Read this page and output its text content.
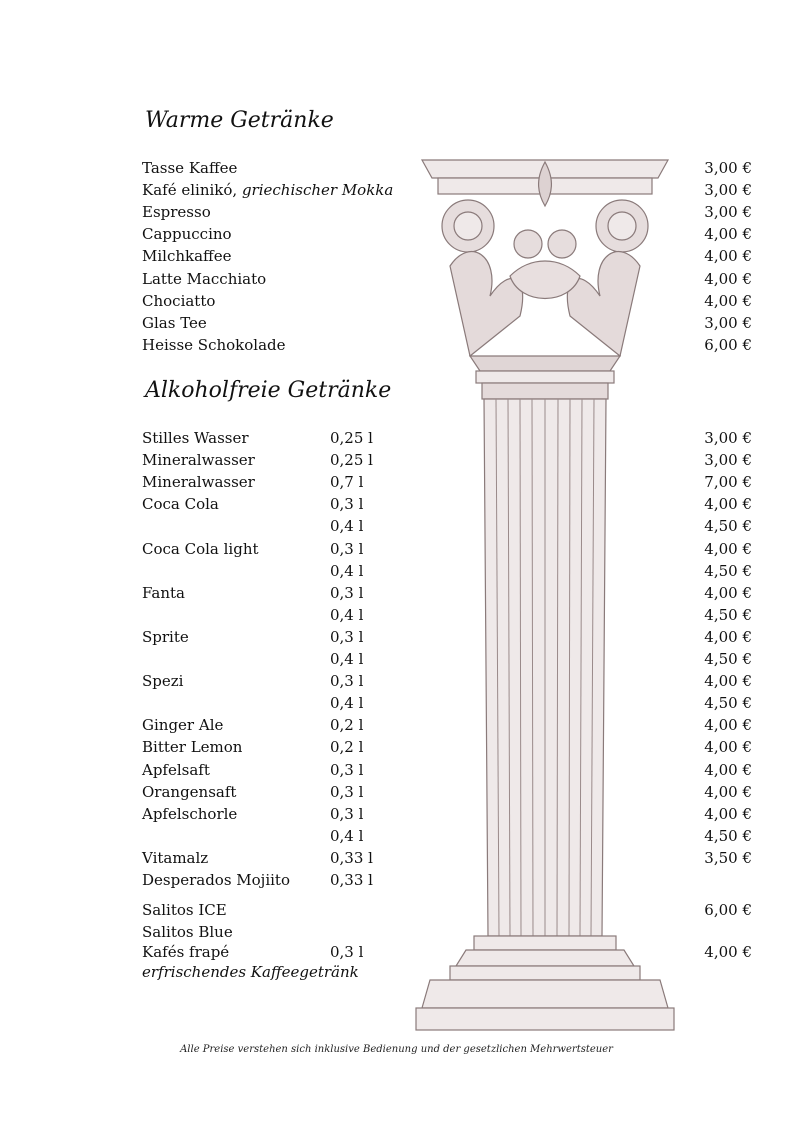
Warme Getränke
Tasse Kaffee	3,00 €
Kafé elinikó, griechischer Mokka	3,00 €
Espresso	3,00 €
Cappuccino	4,00 €
Milchkaffee	4,00 €
Latte Macchiato	4,00 €
Chociatto	4,00 €
Glas Tee	3,00 €
Heisse Schokolade	6,00 €
Alkoholfreie Getränke
Stilles Wasser	0,25 l	3,00 €
Mineralwasser	0,25 l	3,00 €
Mineralwasser	0,7 l	7,00 €
Coca Cola	0,3 l	4,00 €
0,4 l	4,50 €
Coca Cola light	0,3 l	4,00 €
0,4 l	4,50 €
Fanta	0,3 l	4,00 €
0,4 l	4,50 €
Sprite	0,3 l	4,00 €
0,4 l	4,50 €
Spezi	0,3 l	4,00 €
0,4 l	4,50 €
Ginger Ale	0,2 l	4,00 €
Bitter Lemon	0,2 l	4,00 €
Apfelsaft	0,3 l	4,00 €
Orangensaft	0,3 l	4,00 €
Apfelschorle	0,3 l	4,00 €
0,4 l	4,50 €
Vitamalz	0,33 l	3,50 €
Desperados Mojiito	0,33 l
Salitos ICE	6,00 €
Salitos Blue
Kafés frapé	0,3 l	4,00 €
erfrischendes Kaffeegetränk
Alle Preise verstehen sich inklusive Bedienung und der gesetzlichen Mehrwertsteuer
